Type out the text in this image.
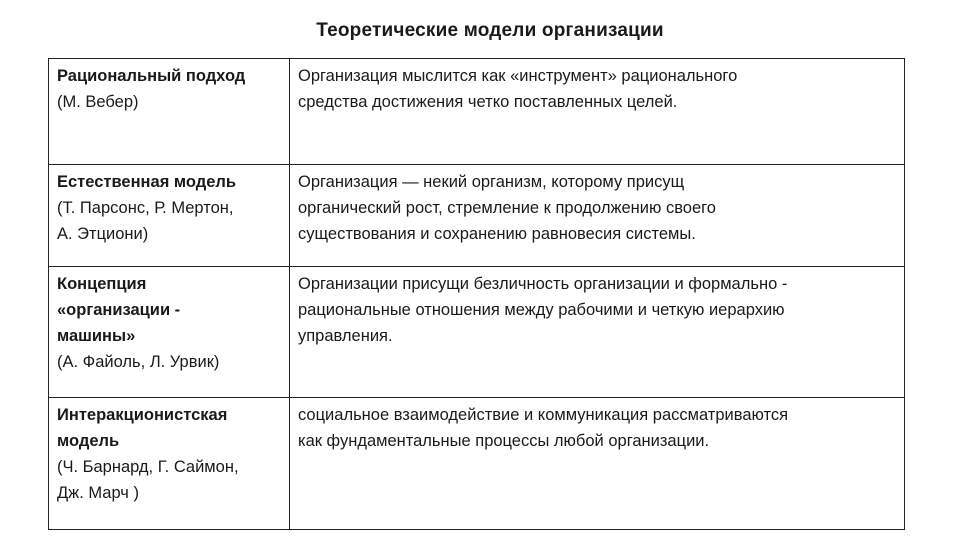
Теоретические модели организации
Рациональный подход
(М. Вебер)	Организация мыслится как «инструмент» рационального
средства достижения четко поставленных целей.

Естественная модель
(Т. Парсонс, Р. Мертон,
А. Этциони)	Организация — некий организм, которому присущ
органический рост, стремление к продолжению своего
существования и сохранению равновесия системы.

Концепция
«организации -
машины»
(А. Файоль, Л. Урвик)	Организации присущи безличность организации и формально -
рациональные отношения между рабочими и четкую иерархию
управления.

Интеракционистская
модель
(Ч. Барнард, Г. Саймон,
Дж. Марч )	социальное взаимодействие и коммуникация рассматриваются
как фундаментальные процессы любой организации.
